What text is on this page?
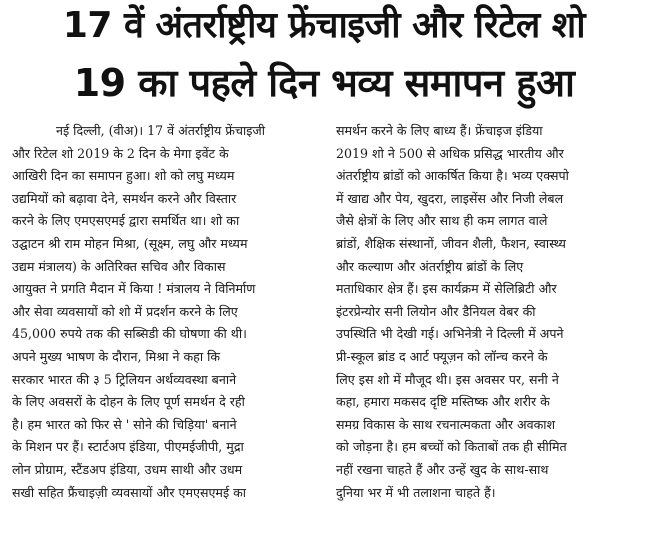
17 वें अंतर्राष्ट्रीय फ्रेंचाइजी और रिटेल शो
19 का पहले दिन भव्य समापन हुआ
नई दिल्ली, (वीअ)। 17 वें अंतर्राष्ट्रीय फ्रेंचाइजी
और रिटेल शो 2019 के 2 दिन के मेगा इवेंट के
आखिरी दिन का समापन हुआ। शो को लघु मध्यम
उद्यमियों को बढ़ावा देने, समर्थन करने और विस्तार
करने के लिए एमएसएमई द्वारा समर्थित था। शो का
उद्घाटन श्री राम मोहन मिश्रा, (सूक्ष्म, लघु और मध्यम
उद्यम मंत्रालय) के अतिरिक्त सचिव और विकास
आयुक्त ने प्रगति मैदान में किया ! मंत्रालय ने विनिर्माण
और सेवा व्यवसायों को शो में प्रदर्शन करने के लिए
45,000 रुपये तक की सब्सिडी की घोषणा की थी।
अपने मुख्य भाषण के दौरान, मिश्रा ने कहा कि
सरकार भारत की ३ 5 ट्रिलियन अर्थव्यवस्था बनाने
के लिए अवसरों के दोहन के लिए पूर्ण समर्थन दे रही
है। हम भारत को फिर से ' सोने की चिड़िया' बनाने
के मिशन पर हैं। स्टार्टअप इंडिया, पीएमईजीपी, मुद्रा
लोन प्रोग्राम, स्टैंडअप इंडिया, उधम साथी और उधम
सखी सहित फ्रैंचाइज़ी व्यवसायों और एमएसएमई का
समर्थन करने के लिए बाध्य हैं। फ्रेंचाइज इंडिया
2019 शो ने 500 से अधिक प्रसिद्ध भारतीय और
अंतर्राष्ट्रीय ब्रांडों को आकर्षित किया है। भव्य एक्सपो
में खाद्य और पेय, खुदरा, लाइसेंस और निजी लेबल
जैसे क्षेत्रों के लिए और साथ ही कम लागत वाले
ब्रांडों, शैक्षिक संस्थानों, जीवन शैली, फैशन, स्वास्थ्य
और कल्याण और अंतर्राष्ट्रीय ब्रांडों के लिए
मताधिकार क्षेत्र हैं। इस कार्यक्रम में सेलिब्रिटी और
इंटरप्रेन्योर सनी लियोन और डैनियल वेबर की
उपस्थिति भी देखी गई। अभिनेत्री ने दिल्ली में अपने
प्री-स्कूल ब्रांड द आर्ट फ्यूज़न को लॉन्च करने के
लिए इस शो में मौजूद थी। इस अवसर पर, सनी ने
कहा, हमारा मकसद दृष्टि मस्तिष्क और शरीर के
समग्र विकास के साथ रचनात्मकता और अवकाश
को जोड़ना है। हम बच्चों को किताबों तक ही सीमित
नहीं रखना चाहते हैं और उन्हें खुद के साथ-साथ
दुनिया भर में भी तलाशना चाहते हैं।
